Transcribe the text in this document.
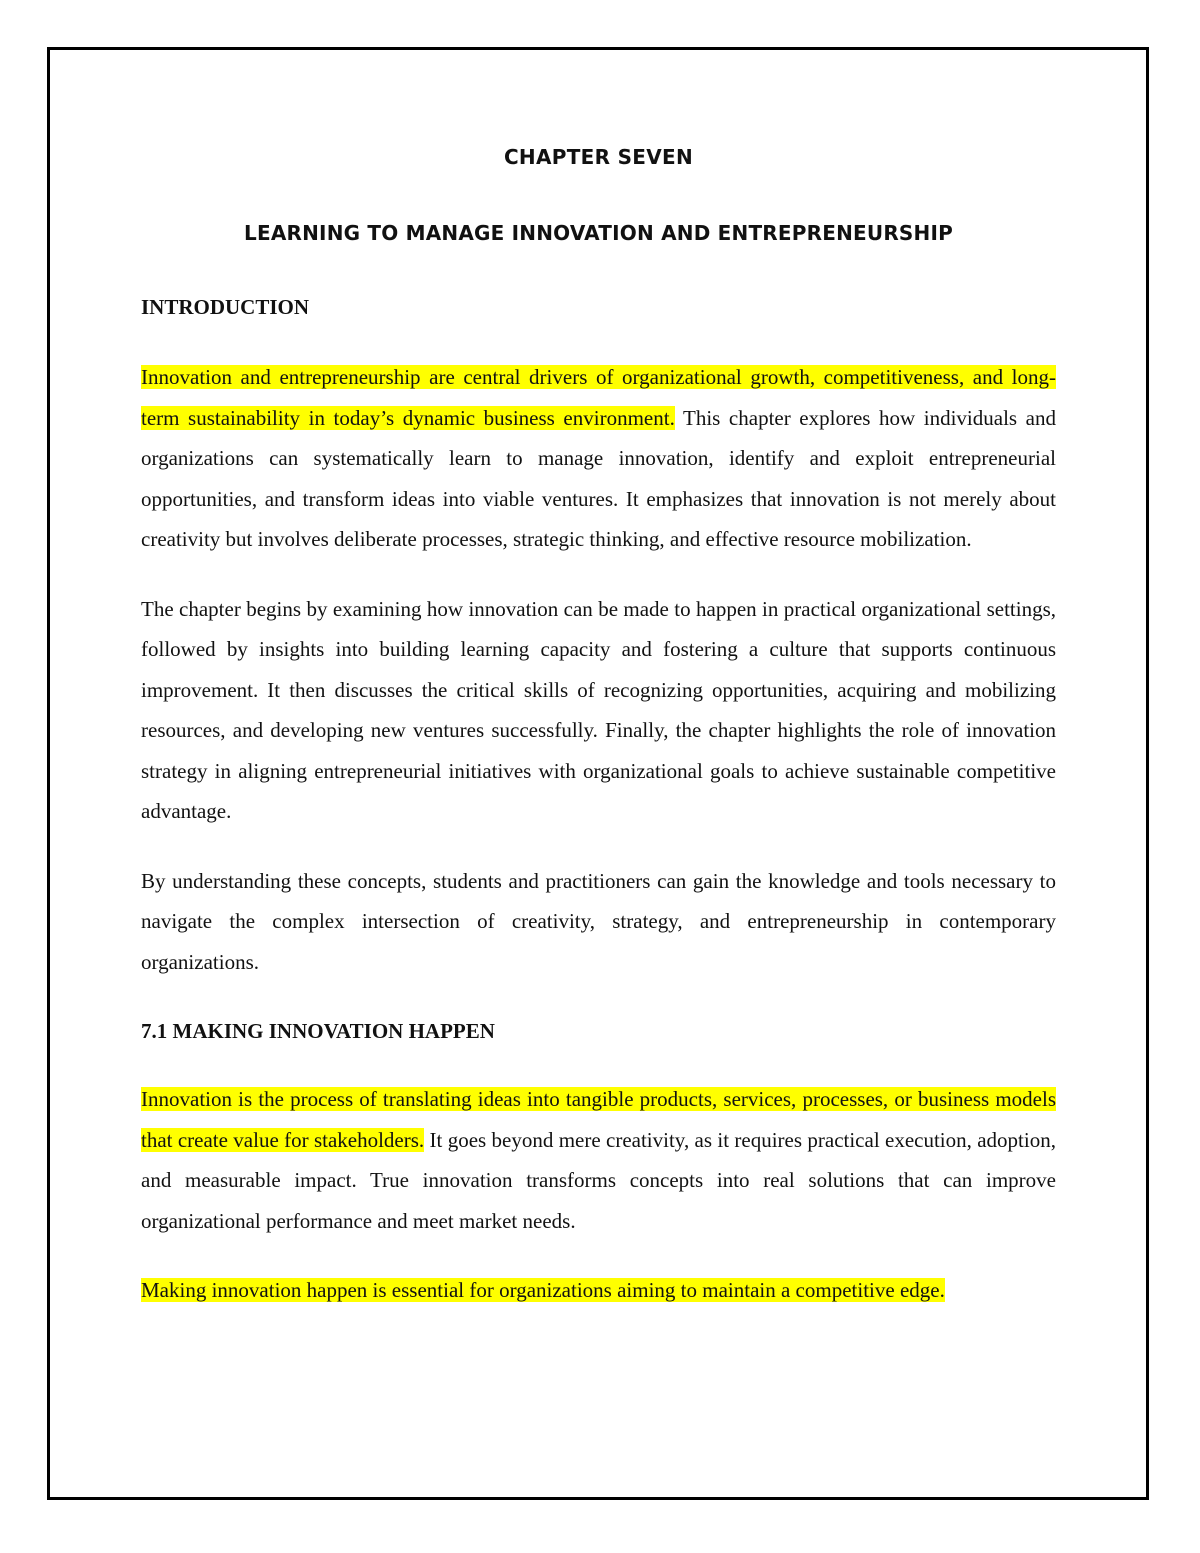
CHAPTER SEVEN
LEARNING TO MANAGE INNOVATION AND ENTREPRENEURSHIP
INTRODUCTION

Innovation and entrepreneurship are central drivers of organizational growth, competitiveness, and long-term sustainability in today’s dynamic business environment. This chapter explores how individuals and organizations can systematically learn to manage innovation, identify and exploit entrepreneurial opportunities, and transform ideas into viable ventures. It emphasizes that innovation is not merely about creativity but involves deliberate processes, strategic thinking, and effective resource mobilization.

The chapter begins by examining how innovation can be made to happen in practical organizational settings, followed by insights into building learning capacity and fostering a culture that supports continuous improvement. It then discusses the critical skills of recognizing opportunities, acquiring and mobilizing resources, and developing new ventures successfully. Finally, the chapter highlights the role of innovation strategy in aligning entrepreneurial initiatives with organizational goals to achieve sustainable competitive advantage.

By understanding these concepts, students and practitioners can gain the knowledge and tools necessary to navigate the complex intersection of creativity, strategy, and entrepreneurship in contemporary organizations.

7.1 MAKING INNOVATION HAPPEN

Innovation is the process of translating ideas into tangible products, services, processes, or business models that create value for stakeholders. It goes beyond mere creativity, as it requires practical execution, adoption, and measurable impact. True innovation transforms concepts into real solutions that can improve organizational performance and meet market needs.

Making innovation happen is essential for organizations aiming to maintain a competitive edge.
